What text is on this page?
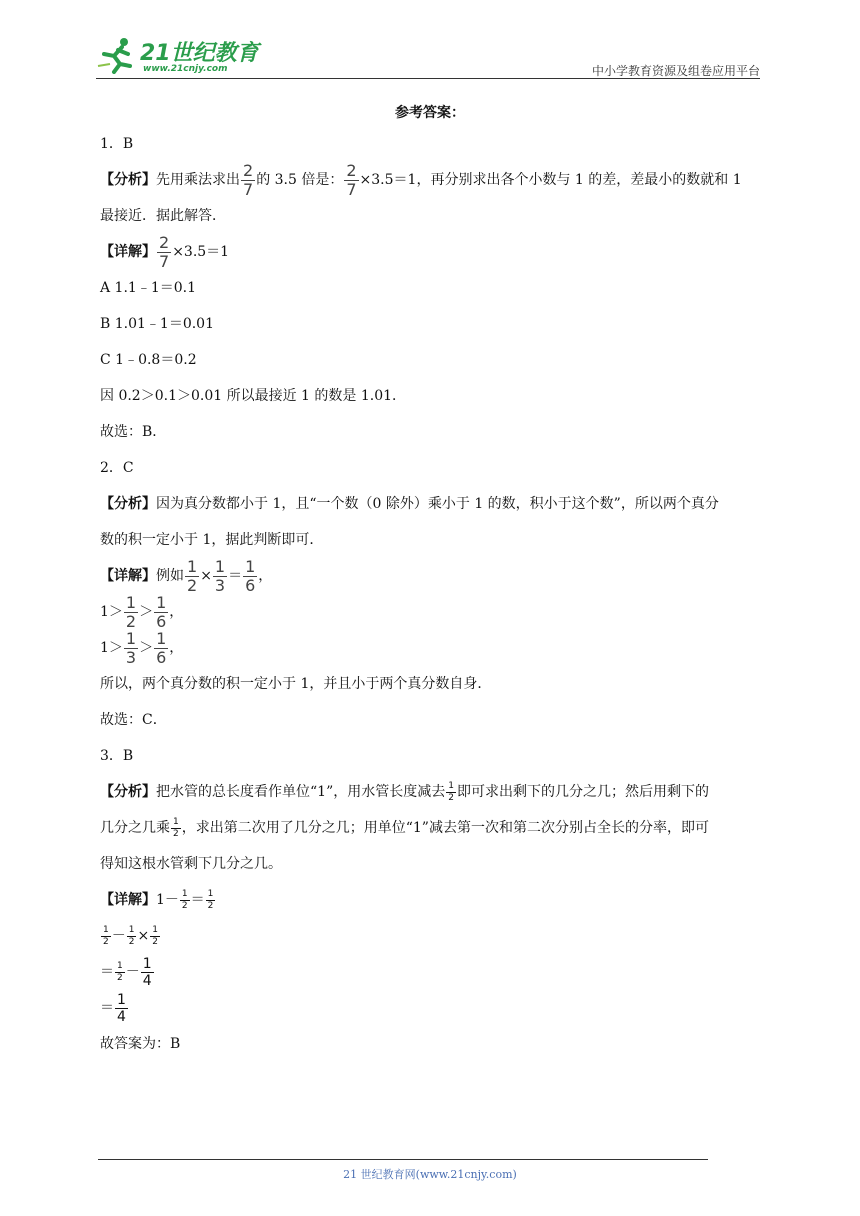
21世纪教育
www.21cnjy.com	中小学教育资源及组卷应用平台
参考答案：
1．B
【分析】先用乘法求出 $\frac{2}{7}$ 的 3.5 倍是： $\frac{2}{7} \times 3.5=1$，再分别求出各个小数与 1 的差，差最小的数就和 1
最接近．据此解答．
【详解】 $\frac{2}{7} \times 3.5=1$
A 1.1﹣1＝0.1
B 1.01﹣1＝0.01
C 1﹣0.8＝0.2
因 0.2＞0.1＞0.01 所以最接近 1 的数是 1.01．
故选：B．
2．C
【分析】因为真分数都小于 1，且“一个数（0 除外）乘小于 1 的数，积小于这个数”，所以两个真分
数的积一定小于 1，据此判断即可．
【详解】例如 $\frac{1}{2} \times \frac{1}{3} = \frac{1}{6}$ ，
$1> \frac{1}{2} > \frac{1}{6}$ ，
$1> \frac{1}{3} > \frac{1}{6}$ ，
所以，两个真分数的积一定小于 1，并且小于两个真分数自身．
故选：C．
3．B
【分析】把水管的总长度看作单位“1”，用水管长度减去 $\frac{1}{2}$ 即可求出剩下的几分之几；然后用剩下的
几分之几乘 $\frac{1}{2}$ ，求出第二次用了几分之几；用单位“1”减去第一次和第二次分别占全长的分率，即可
得知这根水管剩下几分之几。
【详解】$1- \frac{1}{2} = \frac{1}{2}$
$\frac{1}{2} - \frac{1}{2} \times \frac{1}{2}$
＝ $\frac{1}{2} - \frac{1}{4}$
＝ $\frac{1}{4}$
故答案为：B
21 世纪教育网(www.21cnjy.com)
